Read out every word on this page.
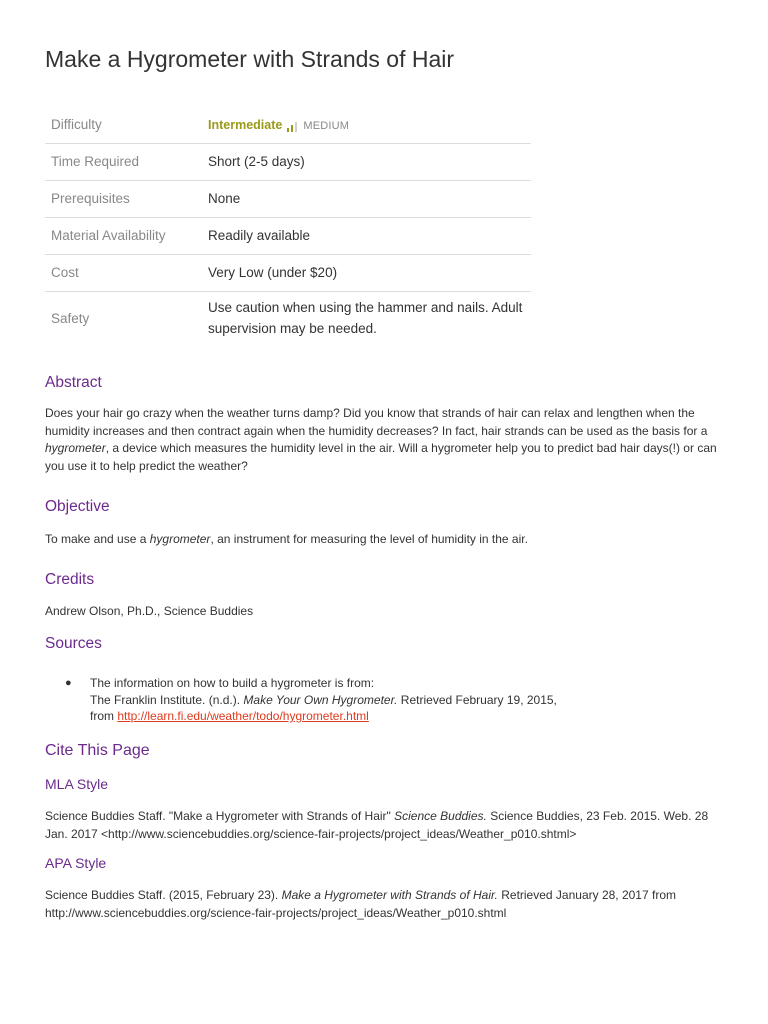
Make a Hygrometer with Strands of Hair
Difficulty	Intermediate MEDIUM
Time Required	Short (2-5 days)
Prerequisites	None
Material Availability	Readily available
Cost	Very Low (under $20)
Safety	Use caution when using the hammer and nails. Adult supervision may be needed.
Abstract

Does your hair go crazy when the weather turns damp? Did you know that strands of hair can relax and lengthen when the humidity increases and then contract again when the humidity decreases? In fact, hair strands can be used as the basis for a hygrometer, a device which measures the humidity level in the air. Will a hygrometer help you to predict bad hair days(!) or can you use it to help predict the weather?

Objective

To make and use a hygrometer, an instrument for measuring the level of humidity in the air.

Credits

Andrew Olson, Ph.D., Science Buddies

Sources
● The information on how to build a hygrometer is from:
The Franklin Institute. (n.d.). Make Your Own Hygrometer. Retrieved February 19, 2015,
from http://learn.fi.edu/weather/todo/hygrometer.html
Cite This Page
MLA Style

Science Buddies Staff. "Make a Hygrometer with Strands of Hair" Science Buddies. Science Buddies, 23 Feb. 2015. Web. 28 Jan. 2017 <http://www.sciencebuddies.org/science-fair-projects/project_ideas/Weather_p010.shtml>

APA Style

Science Buddies Staff. (2015, February 23). Make a Hygrometer with Strands of Hair. Retrieved January 28, 2017 from http://www.sciencebuddies.org/science-fair-projects/project_ideas/Weather_p010.shtml
